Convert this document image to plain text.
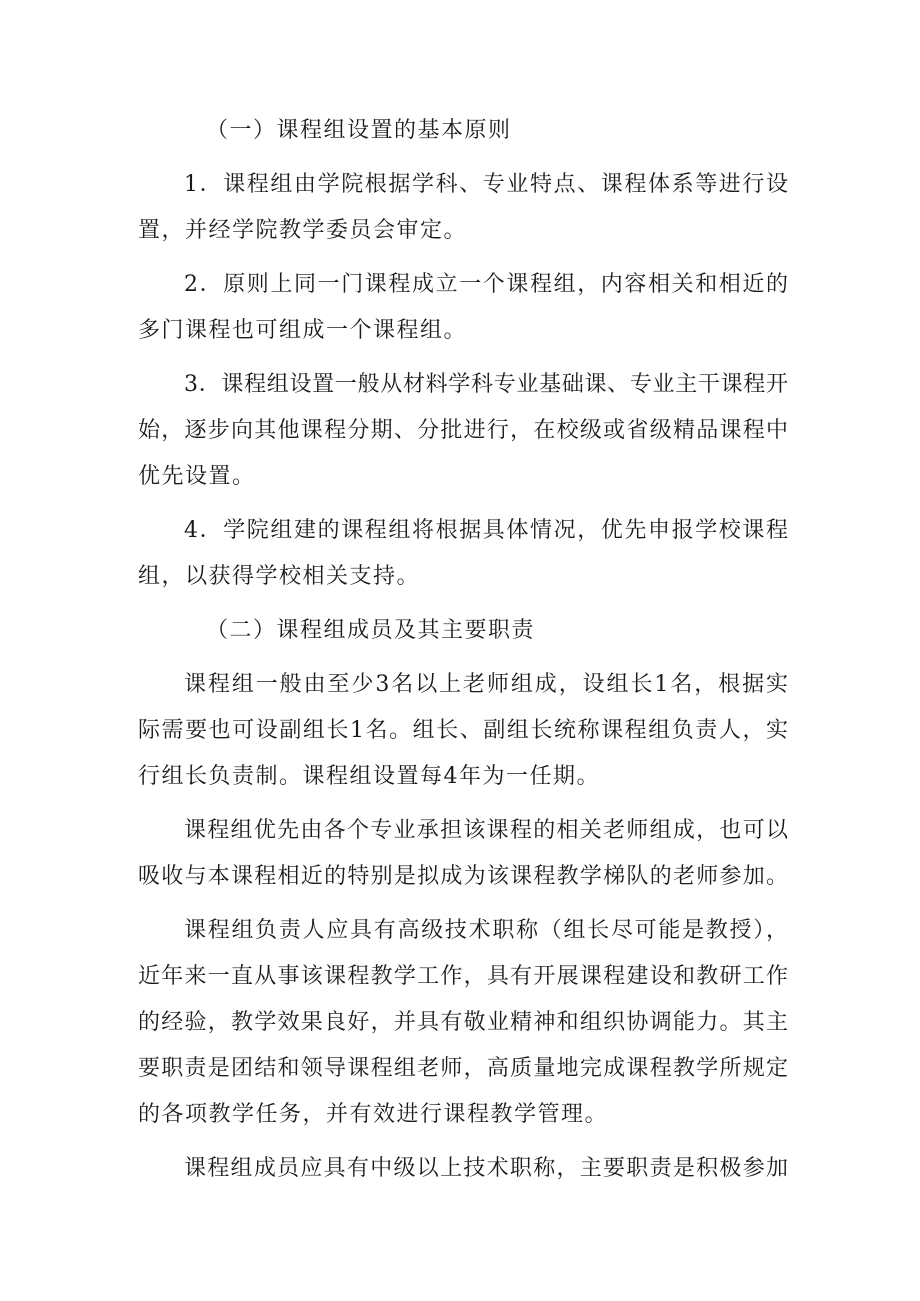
（一）课程组设置的基本原则
1．课程组由学院根据学科、专业特点、课程体系等进行设
置，并经学院教学委员会审定。
2．原则上同一门课程成立一个课程组，内容相关和相近的
多门课程也可组成一个课程组。
3．课程组设置一般从材料学科专业基础课、专业主干课程开
始，逐步向其他课程分期、分批进行，在校级或省级精品课程中
优先设置。
4．学院组建的课程组将根据具体情况，优先申报学校课程
组，以获得学校相关支持。
（二）课程组成员及其主要职责
课程组一般由至少3名以上老师组成，设组长1名，根据实
际需要也可设副组长1名。组长、副组长统称课程组负责人，实
行组长负责制。课程组设置每4年为一任期。
课程组优先由各个专业承担该课程的相关老师组成，也可以
吸收与本课程相近的特别是拟成为该课程教学梯队的老师参加。
课程组负责人应具有高级技术职称（组长尽可能是教授），
近年来一直从事该课程教学工作，具有开展课程建设和教研工作
的经验，教学效果良好，并具有敬业精神和组织协调能力。其主
要职责是团结和领导课程组老师，高质量地完成课程教学所规定
的各项教学任务，并有效进行课程教学管理。
课程组成员应具有中级以上技术职称，主要职责是积极参加
